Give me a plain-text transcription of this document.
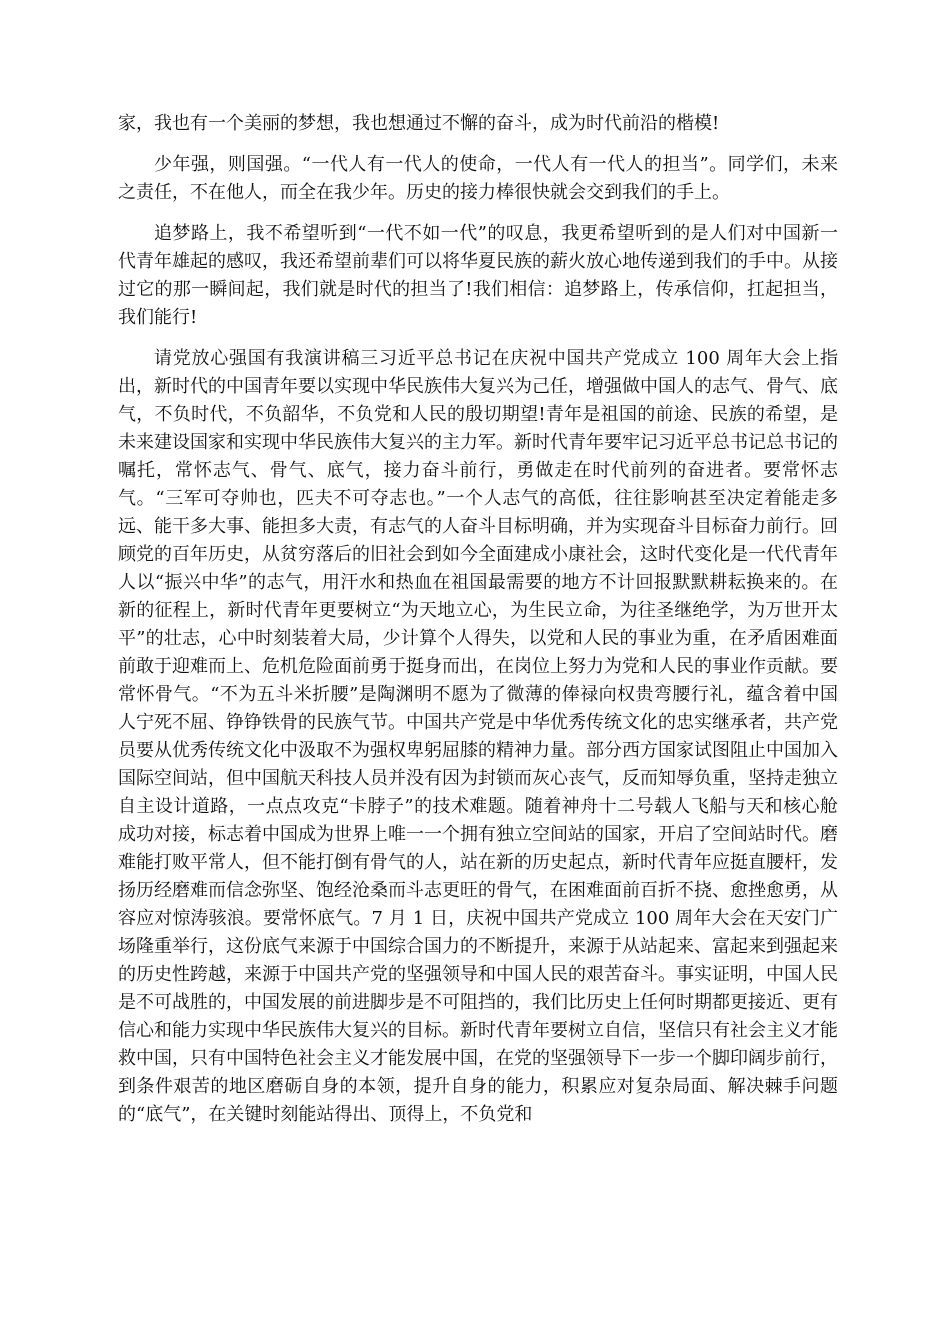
家，我也有一个美丽的梦想，我也想通过不懈的奋斗，成为时代前沿的楷模!

少年强，则国强。“一代人有一代人的使命，一代人有一代人的担当”。同学们，未来之责任，不在他人，而全在我少年。历史的接力棒很快就会交到我们的手上。

追梦路上，我不希望听到“一代不如一代”的叹息，我更希望听到的是人们对中国新一代青年雄起的感叹，我还希望前辈们可以将华夏民族的薪火放心地传递到我们的手中。从接过它的那一瞬间起，我们就是时代的担当了!我们相信：追梦路上，传承信仰，扛起担当，我们能行!

请党放心强国有我演讲稿三习近平总书记在庆祝中国共产党成立 100 周年大会上指出，新时代的中国青年要以实现中华民族伟大复兴为己任，增强做中国人的志气、骨气、底气，不负时代，不负韶华，不负党和人民的殷切期望!青年是祖国的前途、民族的希望，是未来建设国家和实现中华民族伟大复兴的主力军。新时代青年要牢记习近平总书记总书记的嘱托，常怀志气、骨气、底气，接力奋斗前行，勇做走在时代前列的奋进者。要常怀志气。“三军可夺帅也，匹夫不可夺志也。”一个人志气的高低，往往影响甚至决定着能走多远、能干多大事、能担多大责，有志气的人奋斗目标明确，并为实现奋斗目标奋力前行。回顾党的百年历史，从贫穷落后的旧社会到如今全面建成小康社会，这时代变化是一代代青年人以“振兴中华”的志气，用汗水和热血在祖国最需要的地方不计回报默默耕耘换来的。在新的征程上，新时代青年更要树立“为天地立心，为生民立命，为往圣继绝学，为万世开太平”的壮志，心中时刻装着大局，少计算个人得失，以党和人民的事业为重，在矛盾困难面前敢于迎难而上、危机危险面前勇于挺身而出，在岗位上努力为党和人民的事业作贡献。要常怀骨气。“不为五斗米折腰”是陶渊明不愿为了微薄的俸禄向权贵弯腰行礼，蕴含着中国人宁死不屈、铮铮铁骨的民族气节。中国共产党是中华优秀传统文化的忠实继承者，共产党员要从优秀传统文化中汲取不为强权卑躬屈膝的精神力量。部分西方国家试图阻止中国加入国际空间站，但中国航天科技人员并没有因为封锁而灰心丧气，反而知辱负重，坚持走独立自主设计道路，一点点攻克“卡脖子”的技术难题。随着神舟十二号载人飞船与天和核心舱成功对接，标志着中国成为世界上唯一一个拥有独立空间站的国家，开启了空间站时代。磨难能打败平常人，但不能打倒有骨气的人，站在新的历史起点，新时代青年应挺直腰杆，发扬历经磨难而信念弥坚、饱经沧桑而斗志更旺的骨气，在困难面前百折不挠、愈挫愈勇，从容应对惊涛骇浪。要常怀底气。7 月 1 日，庆祝中国共产党成立 100 周年大会在天安门广场隆重举行，这份底气来源于中国综合国力的不断提升，来源于从站起来、富起来到强起来的历史性跨越，来源于中国共产党的坚强领导和中国人民的艰苦奋斗。事实证明，中国人民是不可战胜的，中国发展的前进脚步是不可阻挡的，我们比历史上任何时期都更接近、更有信心和能力实现中华民族伟大复兴的目标。新时代青年要树立自信，坚信只有社会主义才能救中国，只有中国特色社会主义才能发展中国，在党的坚强领导下一步一个脚印阔步前行，到条件艰苦的地区磨砺自身的本领，提升自身的能力，积累应对复杂局面、解决棘手问题的“底气”，在关键时刻能站得出、顶得上，不负党和
